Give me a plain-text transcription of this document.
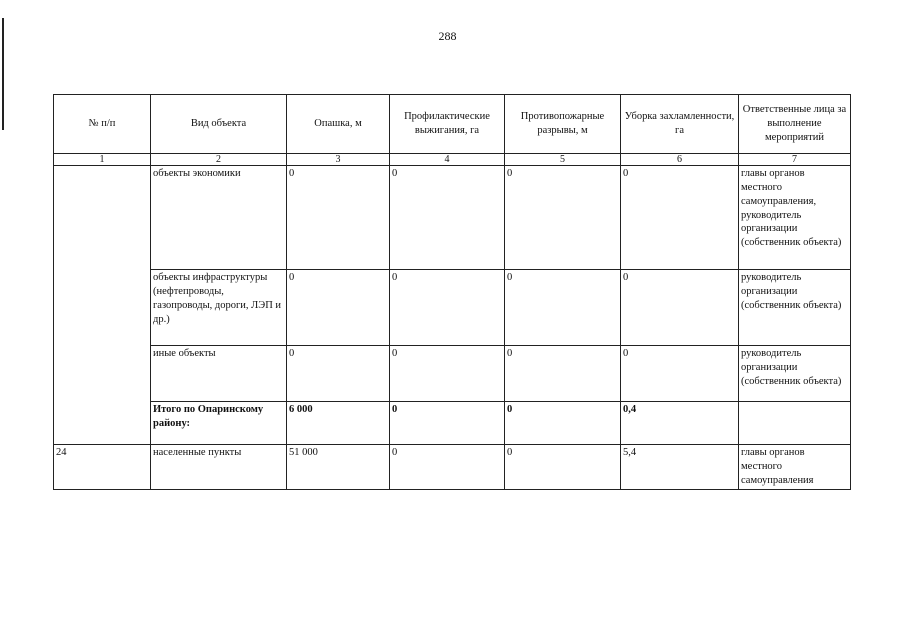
288
№ п/п	Вид объекта	Опашка, м	Профилактические выжигания, га	Противопожарные разрывы, м	Уборка захламленности, га	Ответственные лица за выполнение мероприятий
1	2	3	4	5	6	7
	объекты экономики	0	0	0	0	главы органов местного самоуправления, руководитель организации (собственник объекта)
	объекты инфраструктуры (нефтепроводы, газопроводы, дороги, ЛЭП и др.)	0	0	0	0	руководитель организации (собственник объекта)
	иные объекты	0	0	0	0	руководитель организации (собственник объекта)
	Итого по Опаринскому району:	6 000	0	0	0,4	
24	населенные пункты	51 000	0	0	5,4	главы органов местного самоуправления
